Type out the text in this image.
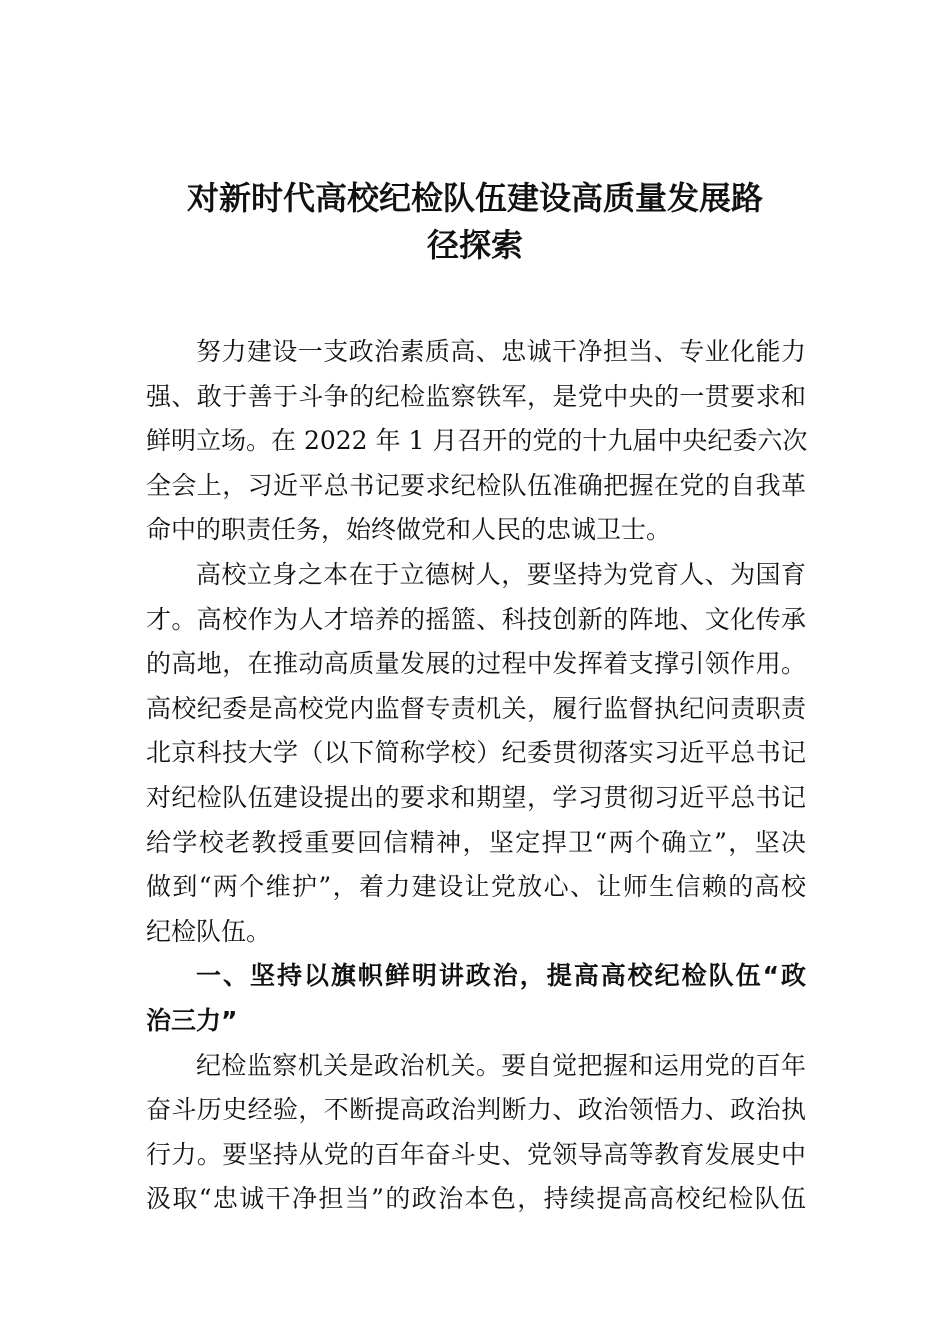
对新时代高校纪检队伍建设高质量发展路
径探索
努力建设一支政治素质高、忠诚干净担当、专业化能力
强、敢于善于斗争的纪检监察铁军，是党中央的一贯要求和
鲜明立场。在 2022 年 1 月召开的党的十九届中央纪委六次
全会上，习近平总书记要求纪检队伍准确把握在党的自我革
命中的职责任务，始终做党和人民的忠诚卫士。
高校立身之本在于立德树人，要坚持为党育人、为国育
才。高校作为人才培养的摇篮、科技创新的阵地、文化传承
的高地，在推动高质量发展的过程中发挥着支撑引领作用。
高校纪委是高校党内监督专责机关，履行监督执纪问责职责
北京科技大学（以下简称学校）纪委贯彻落实习近平总书记
对纪检队伍建设提出的要求和期望，学习贯彻习近平总书记
给学校老教授重要回信精神，坚定捍卫“两个确立”，坚决
做到“两个维护”，着力建设让党放心、让师生信赖的高校
纪检队伍。
一、坚持以旗帜鲜明讲政治，提高高校纪检队伍“政
治三力”
纪检监察机关是政治机关。要自觉把握和运用党的百年
奋斗历史经验，不断提高政治判断力、政治领悟力、政治执
行力。要坚持从党的百年奋斗史、党领导高等教育发展史中
汲取“忠诚干净担当”的政治本色，持续提高高校纪检队伍
